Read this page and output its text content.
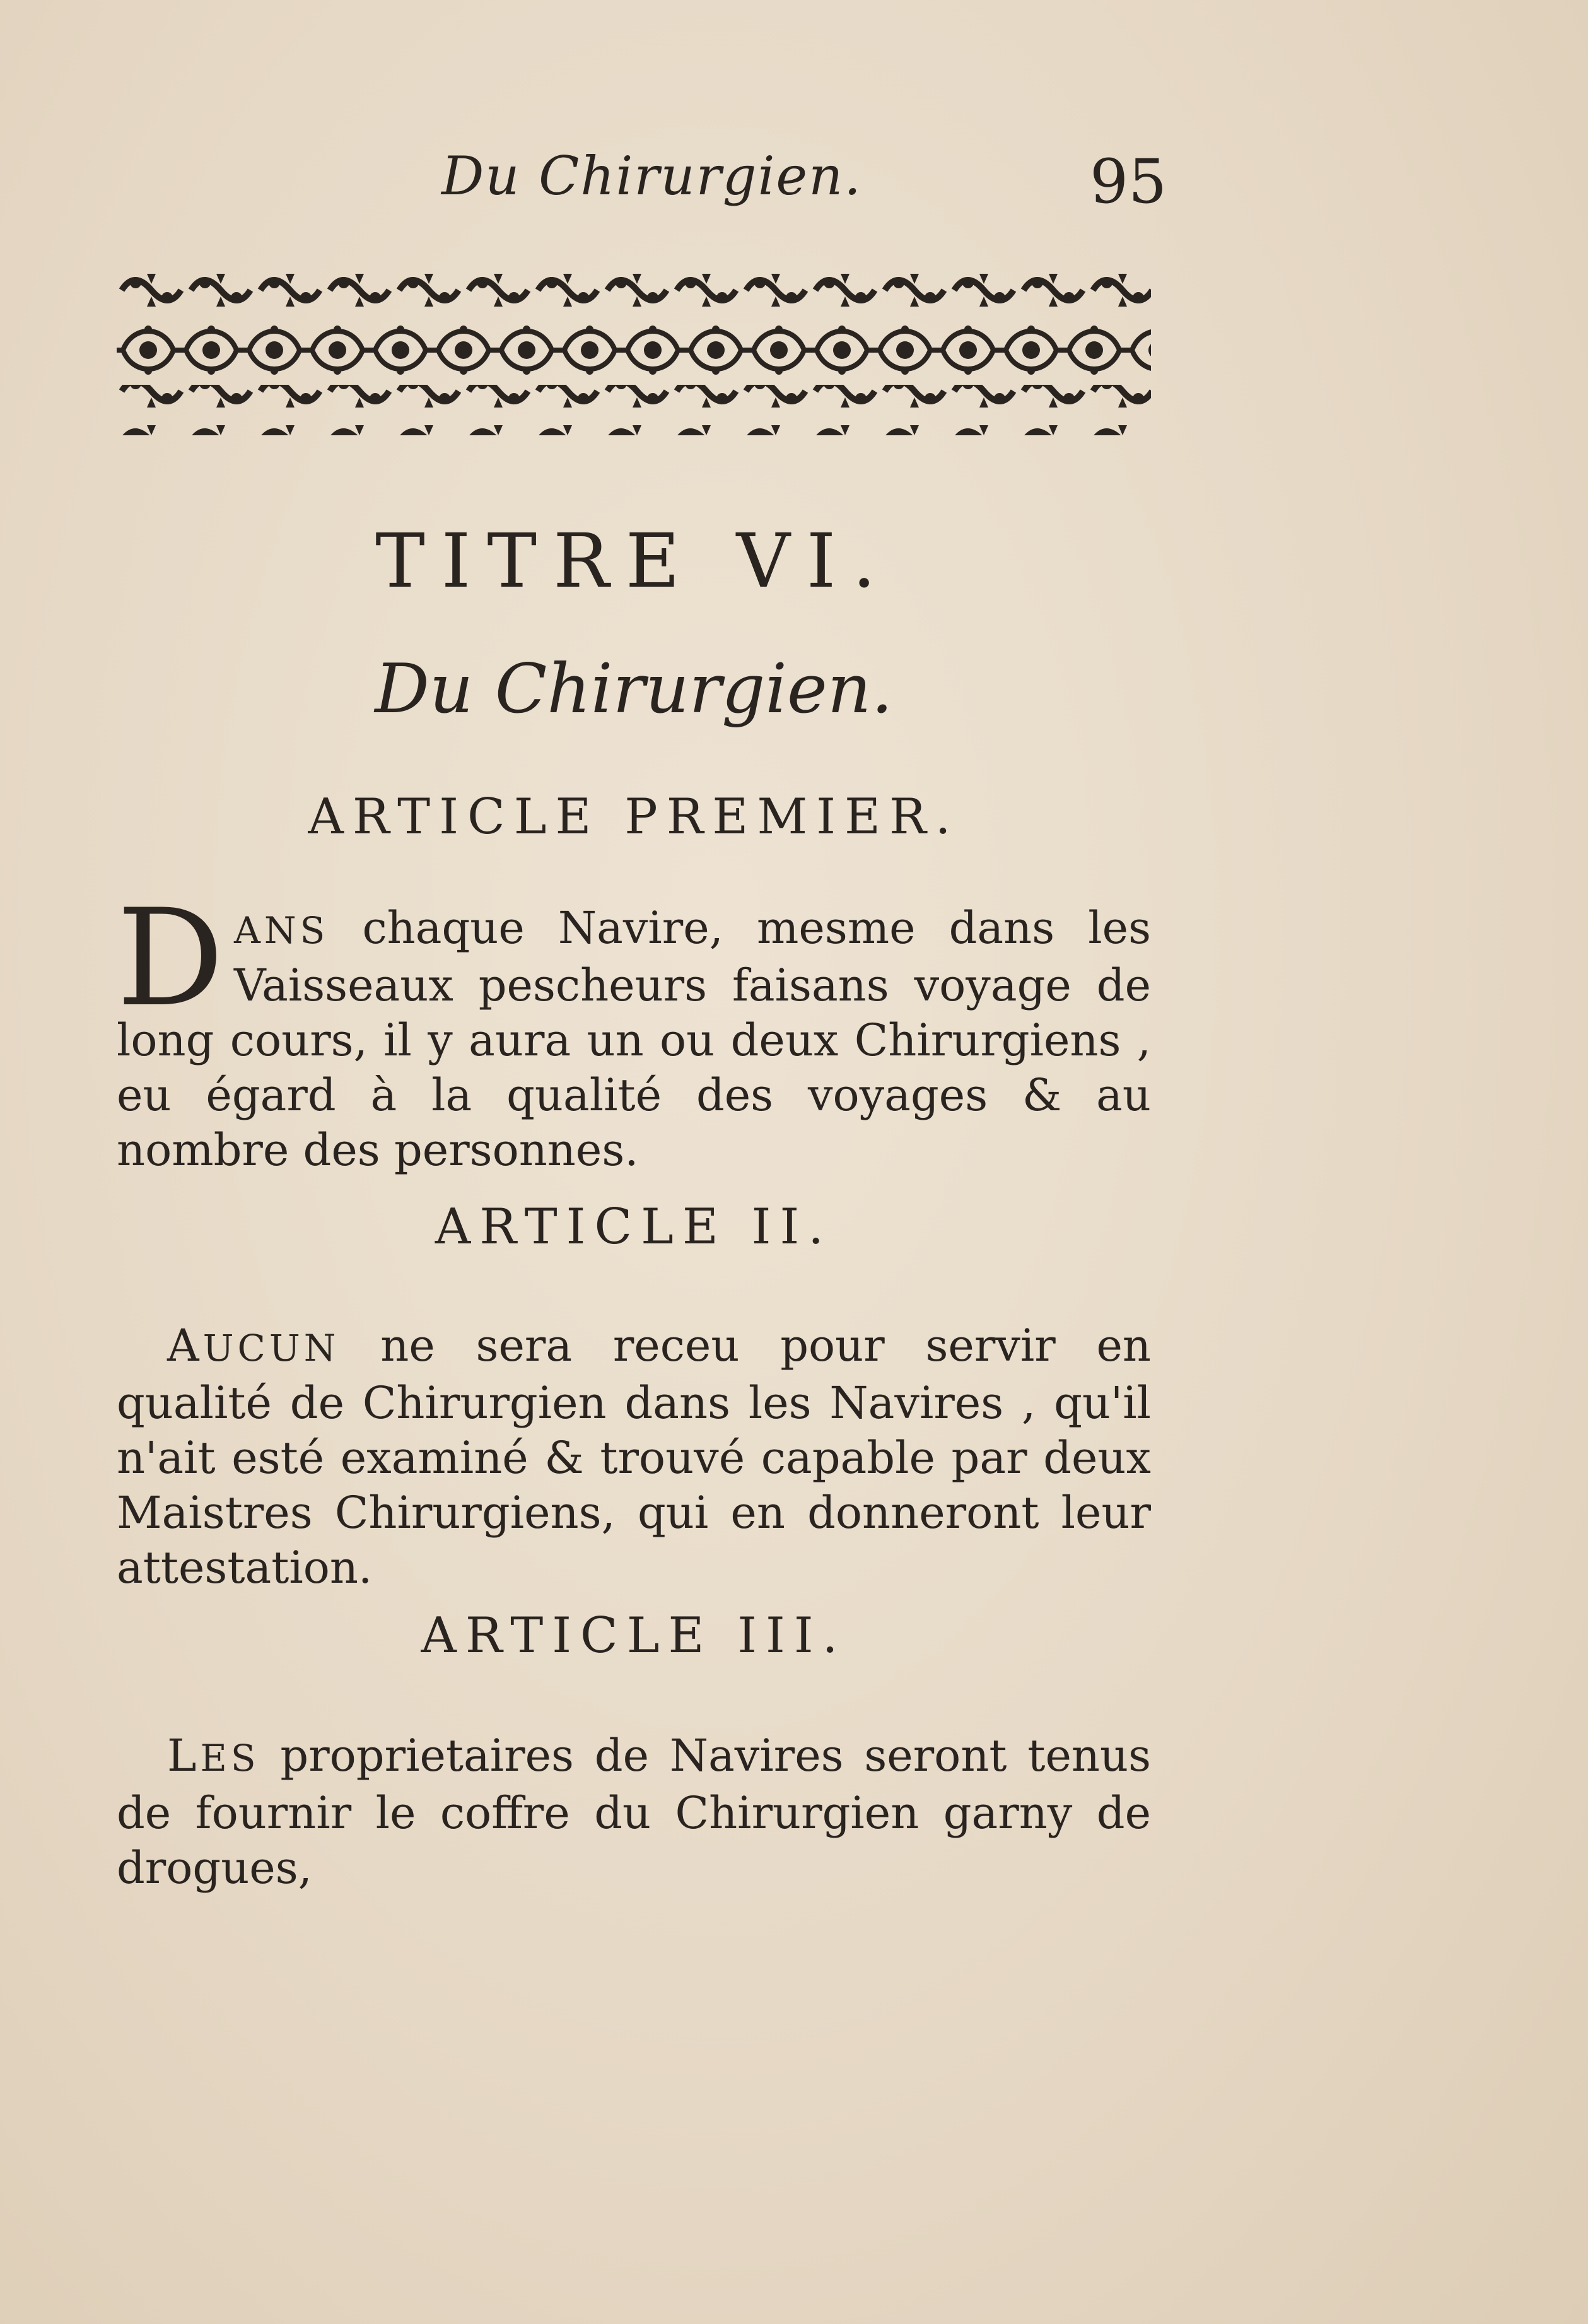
Du Chirurgien.	95
TITRE VI.
Du Chirurgien.
ARTICLE PREMIER.
DANS chaque Navire, mesme dans les Vaisseaux pescheurs faisans voyage de long cours, il y aura un ou deux Chirurgiens , eu égard à la qualité des voyages & au nombre des personnes.
ARTICLE II.
AUCUN ne sera receu pour servir en qualité de Chirurgien dans les Navires , qu'il n'ait esté examiné & trouvé capable par deux Maistres Chirurgiens, qui en donneront leur attestation.
ARTICLE III.
LES proprietaires de Navires seront tenus de fournir le coffre du Chirurgien garny de drogues,
